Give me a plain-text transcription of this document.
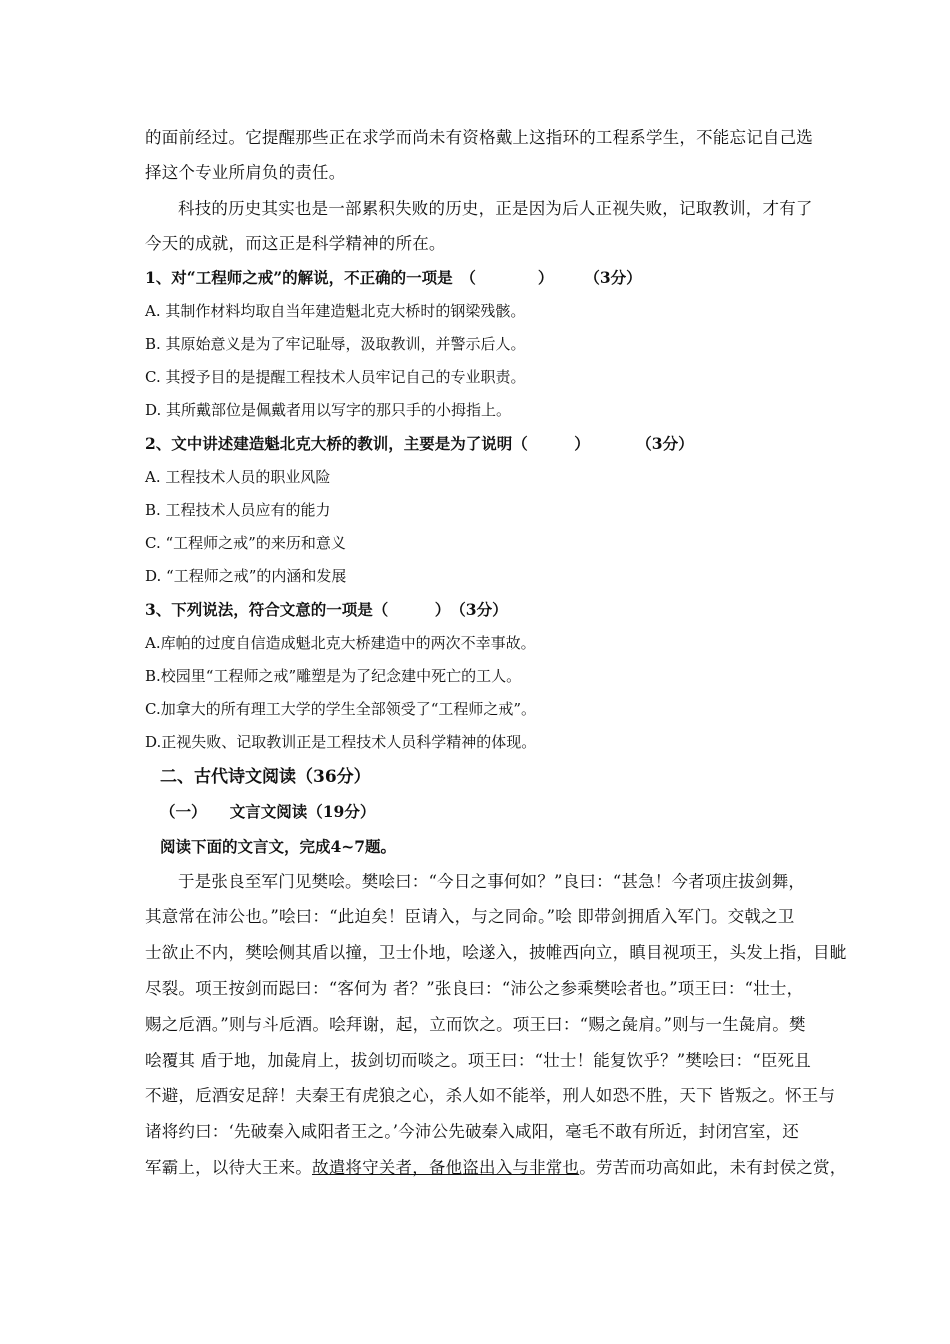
的面前经过。它提醒那些正在求学而尚未有资格戴上这指环的工程系学生，不能忘记自己选
择这个专业所肩负的责任。
科技的历史其实也是一部累积失败的历史，正是因为后人正视失败，记取教训，才有了
今天的成就，而这正是科学精神的所在。
1、对“工程师之戒”的解说，不正确的一项是　（　　　　）　　　（3分）
A. 其制作材料均取自当年建造魁北克大桥时的钢梁残骸。
B. 其原始意义是为了牢记耻辱，汲取教训，并警示后人。
C. 其授予目的是提醒工程技术人员牢记自己的专业职责。
D. 其所戴部位是佩戴者用以写字的那只手的小拇指上。
2、文中讲述建造魁北克大桥的教训，主要是为了说明（　　　）　　　　（3分）
A. 工程技术人员的职业风险
B. 工程技术人员应有的能力
C. “工程师之戒”的来历和意义
D. “工程师之戒”的内涵和发展
3、下列说法，符合文意的一项是（　　　）　（3分）
A.库帕的过度自信造成魁北克大桥建造中的两次不幸事故。
B.校园里“工程师之戒”雕塑是为了纪念建中死亡的工人。
C.加拿大的所有理工大学的学生全部领受了“工程师之戒”。
D.正视失败、记取教训正是工程技术人员科学精神的体现。
二、古代诗文阅读（36分）
（一）　　文言文阅读（19分）
阅读下面的文言文，完成4~7题。
于是张良至军门见樊哙。樊哙曰：“今日之事何如？”良曰：“甚急！今者项庄拔剑舞，
其意常在沛公也。”哙曰：“此迫矣！臣请入，与之同命。”哙 即带剑拥盾入军门。交戟之卫
士欲止不内，樊哙侧其盾以撞，卫士仆地，哙遂入，披帷西向立，瞋目视项王，头发上指，目眦
尽裂。项王按剑而跽曰：“客何为 者？”张良曰：“沛公之参乘樊哙者也。”项王曰：“壮士，
赐之卮酒。”则与斗卮酒。哙拜谢，起，立而饮之。项王曰：“赐之彘肩。”则与一生彘肩。樊
哙覆其 盾于地，加彘肩上，拔剑切而啖之。项王曰：“壮士！能复饮乎？”樊哙曰：“臣死且
不避，卮酒安足辞！夫秦王有虎狼之心，杀人如不能举，刑人如恐不胜，天下 皆叛之。怀王与
诸将约曰：‘先破秦入咸阳者王之。’今沛公先破秦入咸阳，毫毛不敢有所近，封闭宫室，还
军霸上，以待大王来。故遣将守关者，备他盗出入与非常也。劳苦而功高如此，未有封侯之赏，
